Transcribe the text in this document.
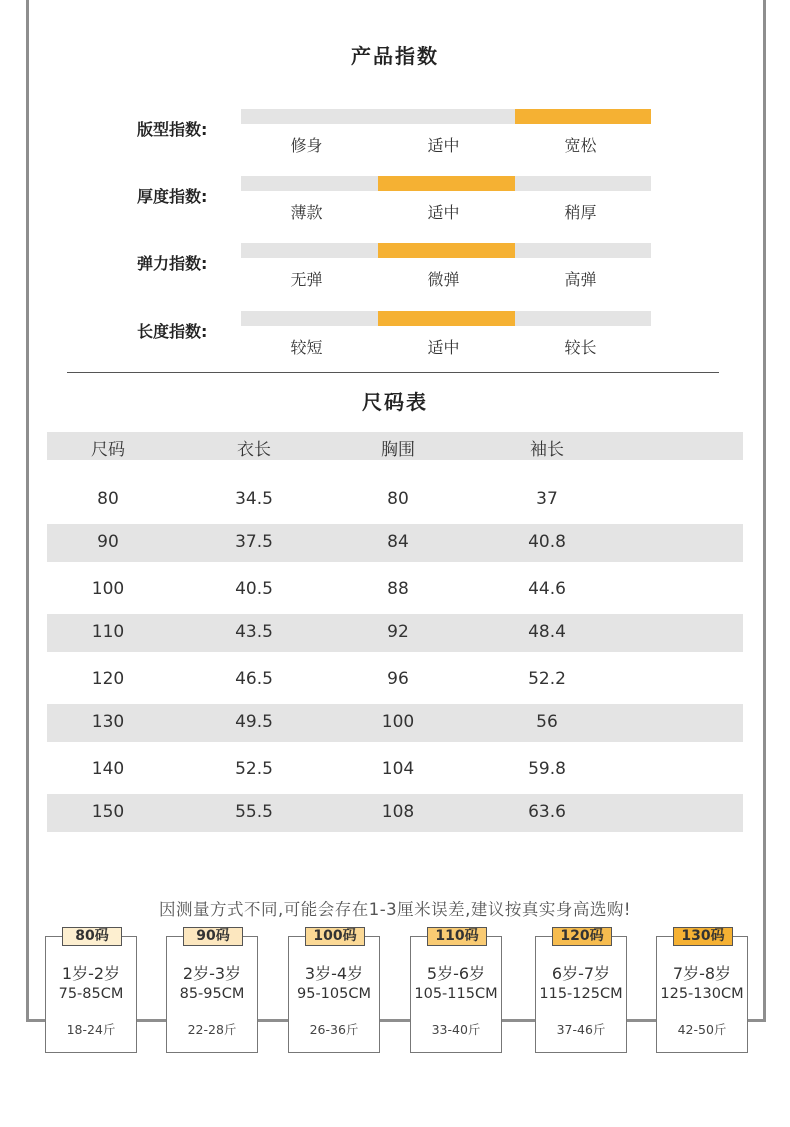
产品指数
版型指数:
修身	适中	宽松
厚度指数:
薄款	适中	稍厚
弹力指数:
无弹	微弹	高弹
长度指数:
较短	适中	较长
尺码表
尺码	衣长	胸围	袖长
80	34.5	80	37
90	37.5	84	40.8
100	40.5	88	44.6
110	43.5	92	48.4
120	46.5	96	52.2
130	49.5	100	56
140	52.5	104	59.8
150	55.5	108	63.6
因测量方式不同,可能会存在1-3厘米误差,建议按真实身高选购!
80码
1岁-2岁
75-85CM
18-24斤
90码
2岁-3岁
85-95CM
22-28斤
100码
3岁-4岁
95-105CM
26-36斤
110码
5岁-6岁
105-115CM
33-40斤
120码
6岁-7岁
115-125CM
37-46斤
130码
7岁-8岁
125-130CM
42-50斤
